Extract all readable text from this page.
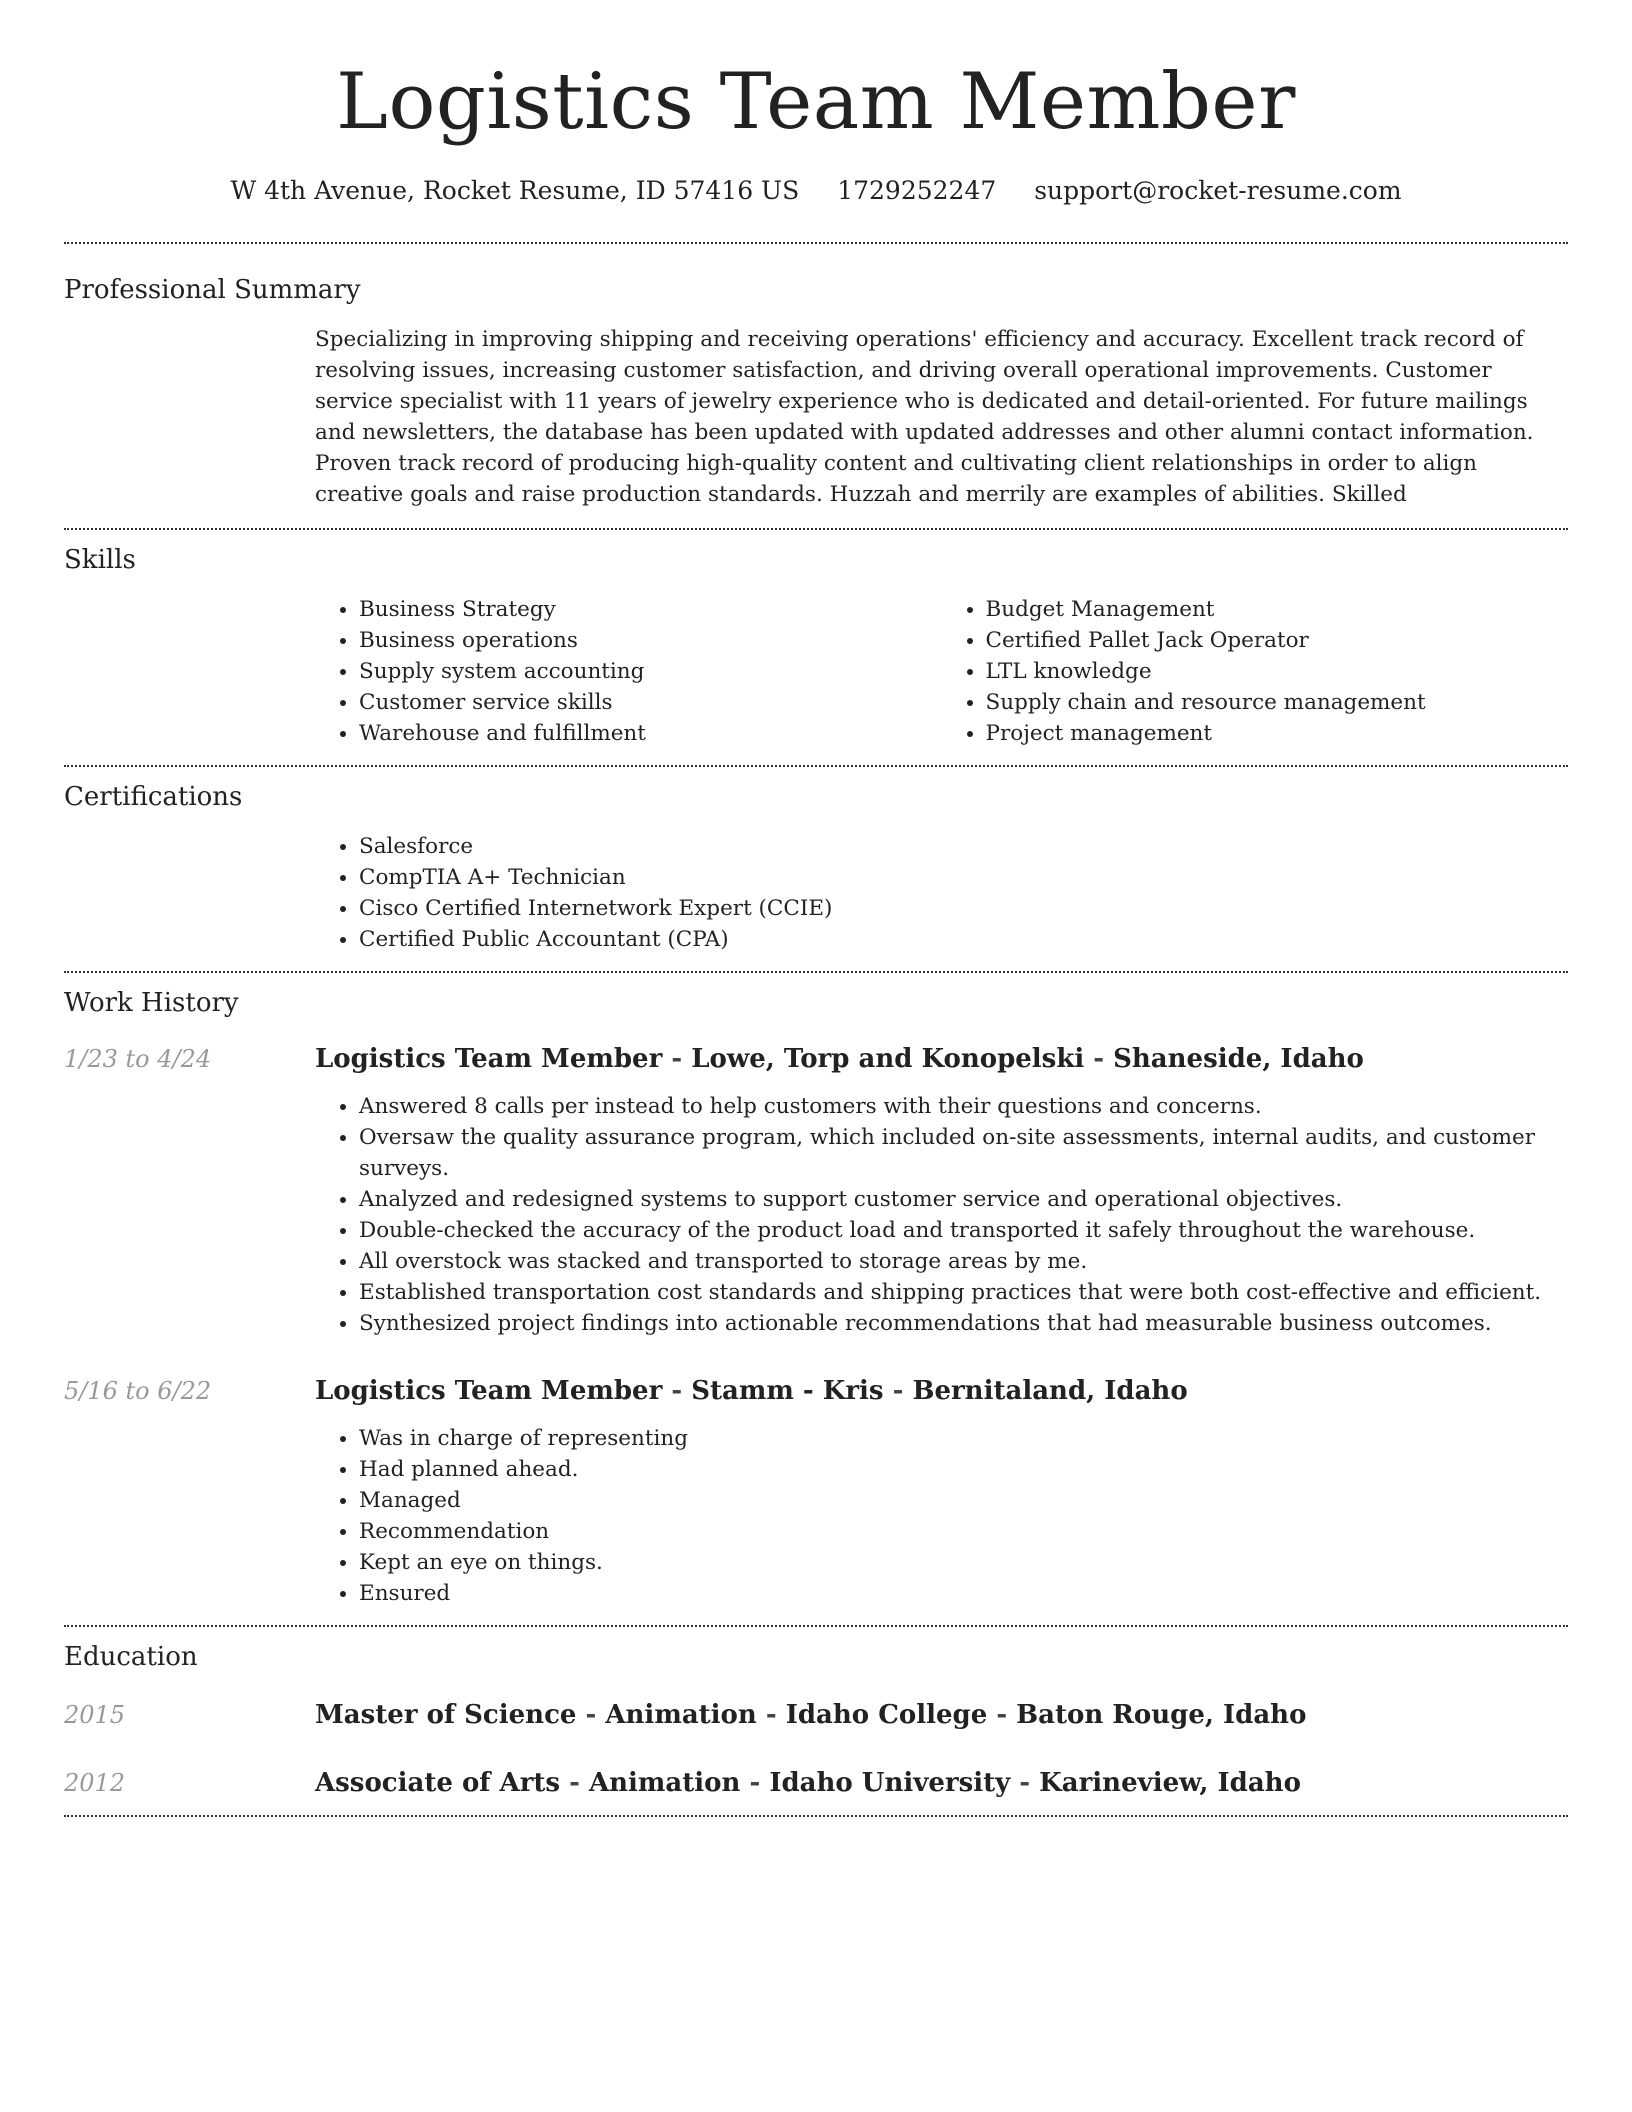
Logistics Team Member
W 4th Avenue, Rocket Resume, ID 57416 US 1729252247 support@rocket-resume.com
Professional Summary

Specializing in improving shipping and receiving operations' efficiency and accuracy. Excellent track record of resolving issues, increasing customer satisfaction, and driving overall operational improvements. Customer service specialist with 11 years of jewelry experience who is dedicated and detail-oriented. For future mailings and newsletters, the database has been updated with updated addresses and other alumni contact information. Proven track record of producing high-quality content and cultivating client relationships in order to align creative goals and raise production standards. Huzzah and merrily are examples of abilities. Skilled

Skills
• Business Strategy
• Business operations
• Supply system accounting
• Customer service skills
• Warehouse and fulfillment
• Budget Management
• Certified Pallet Jack Operator
• LTL knowledge
• Supply chain and resource management
• Project management
Certifications
• Salesforce
• CompTIA A+ Technician
• Cisco Certified Internetwork Expert (CCIE)
• Certified Public Accountant (CPA)
Work History
1/23 to 4/24	Logistics Team Member - Lowe, Torp and Konopelski - Shaneside, Idaho
• Answered 8 calls per instead to help customers with their questions and concerns.
• Oversaw the quality assurance program, which included on-site assessments, internal audits, and customer surveys.
• Analyzed and redesigned systems to support customer service and operational objectives.
• Double-checked the accuracy of the product load and transported it safely throughout the warehouse.
• All overstock was stacked and transported to storage areas by me.
• Established transportation cost standards and shipping practices that were both cost-effective and efficient.
• Synthesized project findings into actionable recommendations that had measurable business outcomes.
5/16 to 6/22	Logistics Team Member - Stamm - Kris - Bernitaland, Idaho
• Was in charge of representing
• Had planned ahead.
• Managed
• Recommendation
• Kept an eye on things.
• Ensured
Education
2015	Master of Science - Animation - Idaho College - Baton Rouge, Idaho
2012	Associate of Arts - Animation - Idaho University - Karineview, Idaho
